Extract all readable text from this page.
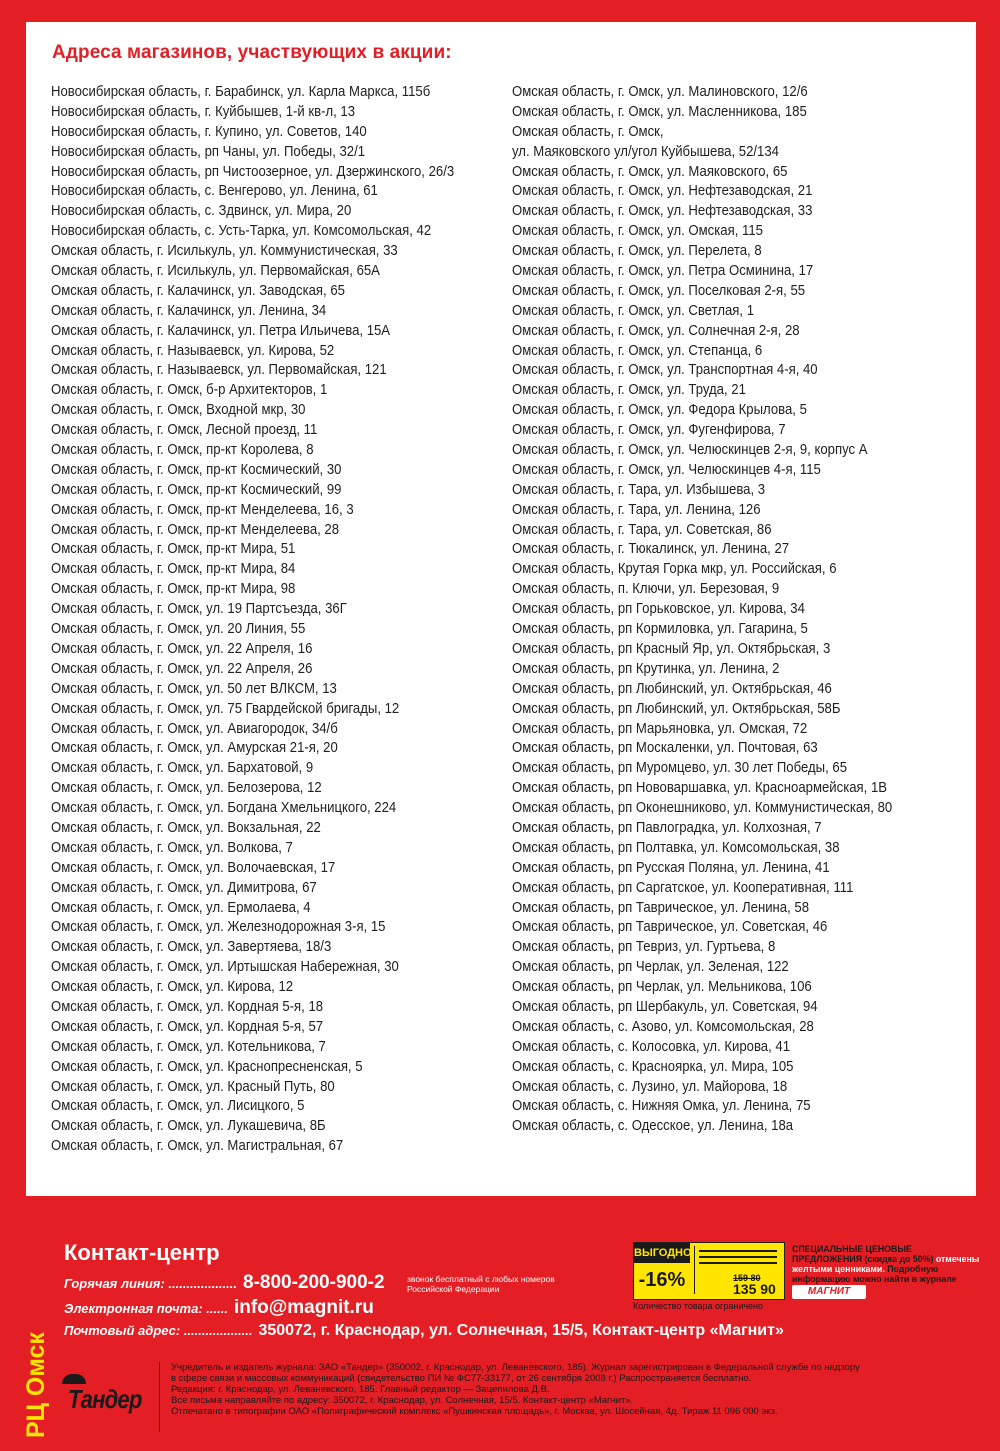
Адреса магазинов, участвующих в акции:
Новосибирская область, г. Барабинск, ул. Карла Маркса, 115б
Новосибирская область, г. Куйбышев, 1-й кв-л, 13
Новосибирская область, г. Купино, ул. Советов, 140
Новосибирская область, рп Чаны, ул. Победы, 32/1
Новосибирская область, рп Чистоозерное, ул. Дзержинского, 26/3
Новосибирская область, с. Венгерово, ул. Ленина, 61
Новосибирская область, с. Здвинск, ул. Мира, 20
Новосибирская область, с. Усть-Тарка, ул. Комсомольская, 42
Омская область, г. Исилькуль, ул. Коммунистическая, 33
Омская область, г. Исилькуль, ул. Первомайская, 65А
Омская область, г. Калачинск, ул. Заводская, 65
Омская область, г. Калачинск, ул. Ленина, 34
Омская область, г. Калачинск, ул. Петра Ильичева, 15А
Омская область, г. Называевск, ул. Кирова, 52
Омская область, г. Называевск, ул. Первомайская, 121
Омская область, г. Омск, б-р Архитекторов, 1
Омская область, г. Омск, Входной мкр, 30
Омская область, г. Омск, Лесной проезд, 11
Омская область, г. Омск, пр-кт Королева, 8
Омская область, г. Омск, пр-кт Космический, 30
Омская область, г. Омск, пр-кт Космический, 99
Омская область, г. Омск, пр-кт Менделеева, 16, 3
Омская область, г. Омск, пр-кт Менделеева, 28
Омская область, г. Омск, пр-кт Мира, 51
Омская область, г. Омск, пр-кт Мира, 84
Омская область, г. Омск, пр-кт Мира, 98
Омская область, г. Омск, ул. 19 Партсъезда, 36Г
Омская область, г. Омск, ул. 20 Линия, 55
Омская область, г. Омск, ул. 22 Апреля, 16
Омская область, г. Омск, ул. 22 Апреля, 26
Омская область, г. Омск, ул. 50 лет ВЛКСМ, 13
Омская область, г. Омск, ул. 75 Гвардейской бригады, 12
Омская область, г. Омск, ул. Авиагородок, 34/б
Омская область, г. Омск, ул. Амурская 21-я, 20
Омская область, г. Омск, ул. Бархатовой, 9
Омская область, г. Омск, ул. Белозерова, 12
Омская область, г. Омск, ул. Богдана Хмельницкого, 224
Омская область, г. Омск, ул. Вокзальная, 22
Омская область, г. Омск, ул. Волкова, 7
Омская область, г. Омск, ул. Волочаевская, 17
Омская область, г. Омск, ул. Димитрова, 67
Омская область, г. Омск, ул. Ермолаева, 4
Омская область, г. Омск, ул. Железнодорожная 3-я, 15
Омская область, г. Омск, ул. Завертяева, 18/3
Омская область, г. Омск, ул. Иртышская Набережная, 30
Омская область, г. Омск, ул. Кирова, 12
Омская область, г. Омск, ул. Кордная 5-я, 18
Омская область, г. Омск, ул. Кордная 5-я, 57
Омская область, г. Омск, ул. Котельникова, 7
Омская область, г. Омск, ул. Краснопресненская, 5
Омская область, г. Омск, ул. Красный Путь, 80
Омская область, г. Омск, ул. Лисицкого, 5
Омская область, г. Омск, ул. Лукашевича, 8Б
Омская область, г. Омск, ул. Магистральная, 67
Омская область, г. Омск, ул. Малиновского, 12/6
Омская область, г. Омск, ул. Масленникова, 185
Омская область, г. Омск,
ул. Маяковского ул/угол Куйбышева, 52/134
Омская область, г. Омск, ул. Маяковского, 65
Омская область, г. Омск, ул. Нефтезаводская, 21
Омская область, г. Омск, ул. Нефтезаводская, 33
Омская область, г. Омск, ул. Омская, 115
Омская область, г. Омск, ул. Перелета, 8
Омская область, г. Омск, ул. Петра Осминина, 17
Омская область, г. Омск, ул. Поселковая 2-я, 55
Омская область, г. Омск, ул. Светлая, 1
Омская область, г. Омск, ул. Солнечная 2-я, 28
Омская область, г. Омск, ул. Степанца, 6
Омская область, г. Омск, ул. Транспортная 4-я, 40
Омская область, г. Омск, ул. Труда, 21
Омская область, г. Омск, ул. Федора Крылова, 5
Омская область, г. Омск, ул. Фугенфирова, 7
Омская область, г. Омск, ул. Челюскинцев 2-я, 9, корпус А
Омская область, г. Омск, ул. Челюскинцев 4-я, 115
Омская область, г. Тара, ул. Избышева, 3
Омская область, г. Тара, ул. Ленина, 126
Омская область, г. Тара, ул. Советская, 86
Омская область, г. Тюкалинск, ул. Ленина, 27
Омская область, Крутая Горка мкр, ул. Российская, 6
Омская область, п. Ключи, ул. Березовая, 9
Омская область, рп Горьковское, ул. Кирова, 34
Омская область, рп Кормиловка, ул. Гагарина, 5
Омская область, рп Красный Яр, ул. Октябрьская, 3
Омская область, рп Крутинка, ул. Ленина, 2
Омская область, рп Любинский, ул. Октябрьская, 46
Омская область, рп Любинский, ул. Октябрьская, 58Б
Омская область, рп Марьяновка, ул. Омская, 72
Омская область, рп Москаленки, ул. Почтовая, 63
Омская область, рп Муромцево, ул. 30 лет Победы, 65
Омская область, рп Нововаршавка, ул. Красноармейская, 1В
Омская область, рп Оконешниково, ул. Коммунистическая, 80
Омская область, рп Павлоградка, ул. Колхозная, 7
Омская область, рп Полтавка, ул. Комсомольская, 38
Омская область, рп Русская Поляна, ул. Ленина, 41
Омская область, рп Саргатское, ул. Кооперативная, 111
Омская область, рп Таврическое, ул. Ленина, 58
Омская область, рп Таврическое, ул. Советская, 46
Омская область, рп Тевриз, ул. Гуртьева, 8
Омская область, рп Черлак, ул. Зеленая, 122
Омская область, рп Черлак, ул. Мельникова, 106
Омская область, рп Шербакуль, ул. Советская, 94
Омская область, с. Азово, ул. Комсомольская, 28
Омская область, с. Колосовка, ул. Кирова, 41
Омская область, с. Красноярка, ул. Мира, 105
Омская область, с. Лузино, ул. Майорова, 18
Омская область, с. Нижняя Омка, ул. Ленина, 75
Омская область, с. Одесское, ул. Ленина, 18а
Контакт-центр
Горячая линия: ................... 8-800-200-900-2
Электронная почта: ...... info@magnit.ru
Почтовый адрес: ................... 350072, г. Краснодар, ул. Солнечная, 15/5, Контакт-центр «Магнит»
звонок бесплатный с любых номеров Российской Федерации
ВЫГОДНО
-16%	159 80
135 90
Количество товара ограничено
СПЕЦИАЛЬНЫЕ ЦЕНОВЫЕ ПРЕДЛОЖЕНИЯ (скидка до 50%) отмечены желтыми ценниками. Подробную информацию можно найти в журнале
МАГНИТ
РЦ Омск Тандер
Учредитель и издатель журнала: ЗАО «Тандер» (350002, г. Краснодар, ул. Леваневского, 185). Журнал зарегистрирован в Федеральной службе по надзору
в сфере связи и массовых коммуникаций (свидетельство ПИ № ФС77-33177, от 26 сентября 2008 г.) Распространяется бесплатно.
Редакция: г. Краснодар, ул. Леваневского, 185. Главный редактор — Зацепилова Д.В.
Все письма направляйте по адресу: 350072, г. Краснодар, ул. Солнечная, 15/5. Контакт-центр «Магнит».
Отпечатано в типографии ОАО «Полиграфический комплекс «Пушкинская площадь», г. Москва, ул. Шосейная, 4д. Тираж 11 096 000 экз.
